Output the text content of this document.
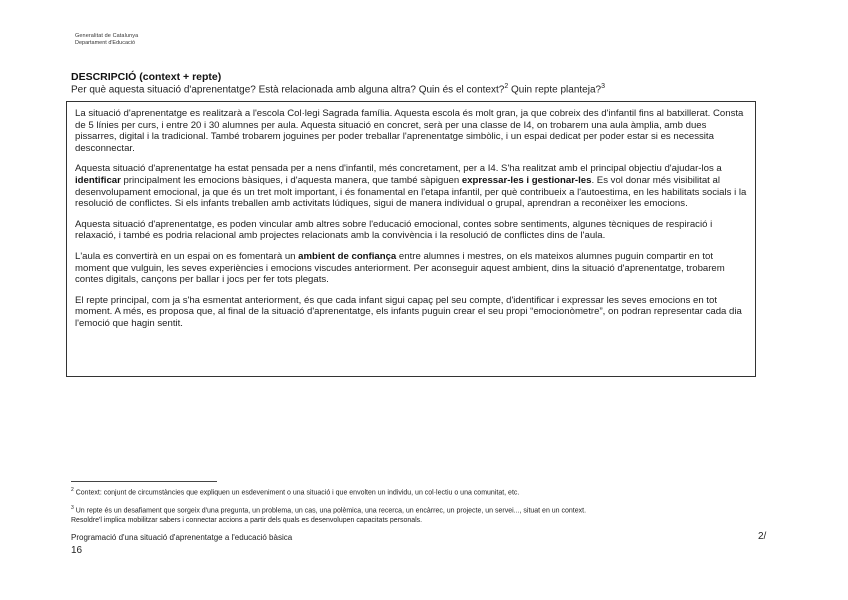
Generalitat de Catalunya
Departament d'Educació
DESCRIPCIÓ (context + repte)
Per què aquesta situació d'aprenentatge? Està relacionada amb alguna altra? Quin és el context?$^2$ Quin repte planteja?$^3$

La situació d'aprenentatge es realitzarà a l'escola Col·legi Sagrada família. Aquesta escola és molt gran, ja que cobreix des d'infantil fins al batxillerat. Consta de 5 línies per curs, i entre 20 i 30 alumnes per aula. Aquesta situació en concret, serà per una classe de I4, on trobarem una aula àmplia, amb dues pissarres, digital i la tradicional. També trobarem joguines per poder treballar l'aprenentatge simbòlic, i un espai dedicat per poder estar si es necessita desconnectar.

Aquesta situació d'aprenentatge ha estat pensada per a nens d'infantil, més concretament, per a I4. S'ha realitzat amb el principal objectiu d'ajudar-los a identificar principalment les emocions bàsiques, i d'aquesta manera, que també sàpiguen expressar-les i gestionar-les. Es vol donar més visibilitat al desenvolupament emocional, ja que és un tret molt important, i és fonamental en l'etapa infantil, per què contribueix a l'autoestima, en les habilitats socials i la resolució de conflictes. Si els infants treballen amb activitats lúdiques, sigui de manera individual o grupal, aprendran a reconèixer les emocions.

Aquesta situació d'aprenentatge, es poden vincular amb altres sobre l'educació emocional, contes sobre sentiments, algunes tècniques de respiració i relaxació, i també es podria relacional amb projectes relacionats amb la convivència i la resolució de conflictes dins de l'aula.

L'aula es convertirà en un espai on es fomentarà un ambient de confiança entre alumnes i mestres, on els mateixos alumnes puguin compartir en tot moment que vulguin, les seves experiències i emocions viscudes anteriorment. Per aconseguir aquest ambient, dins la situació d'aprenentatge, trobarem contes digitals, cançons per ballar i jocs per fer tots plegats.

El repte principal, com ja s'ha esmentat anteriorment, és que cada infant sigui capaç pel seu compte, d'identificar i expressar les seves emocions en tot moment. A més, es proposa que, al final de la situació d'aprenentatge, els infants puguin crear el seu propi “emocionòmetre”, on podran representar cada dia l'emoció que hagin sentit.

$^2$ Context: conjunt de circumstàncies que expliquen un esdeveniment o una situació i que envolten un individu, un col·lectiu o una comunitat, etc.
$^3$ Un repte és un desafiament que sorgeix d'una pregunta, un problema, un cas, una polèmica, una recerca, un encàrrec, un projecte, un servei..., situat en un context.
Resoldre'l implica mobilitzar sabers i connectar accions a partir dels quals es desenvolupen capacitats personals.
Programació d'una situació d'aprenentatge a l'educació bàsica
16
2/
